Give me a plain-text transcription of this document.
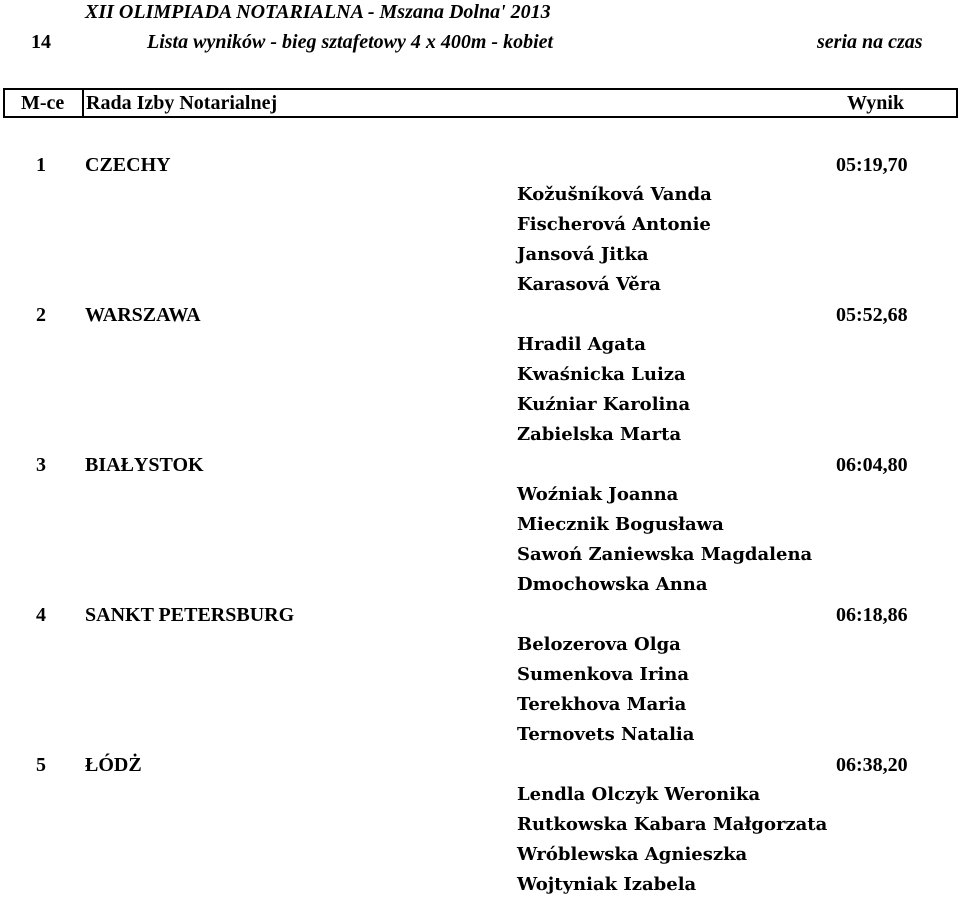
XII OLIMPIADA NOTARIALNA - Mszana Dolna' 2013
14	Lista wyników - bieg sztafetowy 4 x 400m - kobiet	seria na czas
M-ce Rada Izby Notarialnej	Wynik
1 CZECHY	05:19,70
Kožušníková Vanda
Fischerová Antonie
Jansová Jitka
Karasová Věra
2 WARSZAWA	05:52,68
Hradil Agata
Kwaśnicka Luiza
Kuźniar Karolina
Zabielska Marta
3 BIAŁYSTOK	06:04,80
Woźniak Joanna
Miecznik Bogusława
Sawoń Zaniewska Magdalena
Dmochowska Anna
4 SANKT PETERSBURG	06:18,86
Belozerova Olga
Sumenkova Irina
Terekhova Maria
Ternovets Natalia
5 ŁÓDŻ	06:38,20
Lendla Olczyk Weronika
Rutkowska Kabara Małgorzata
Wróblewska Agnieszka
Wojtyniak Izabela
